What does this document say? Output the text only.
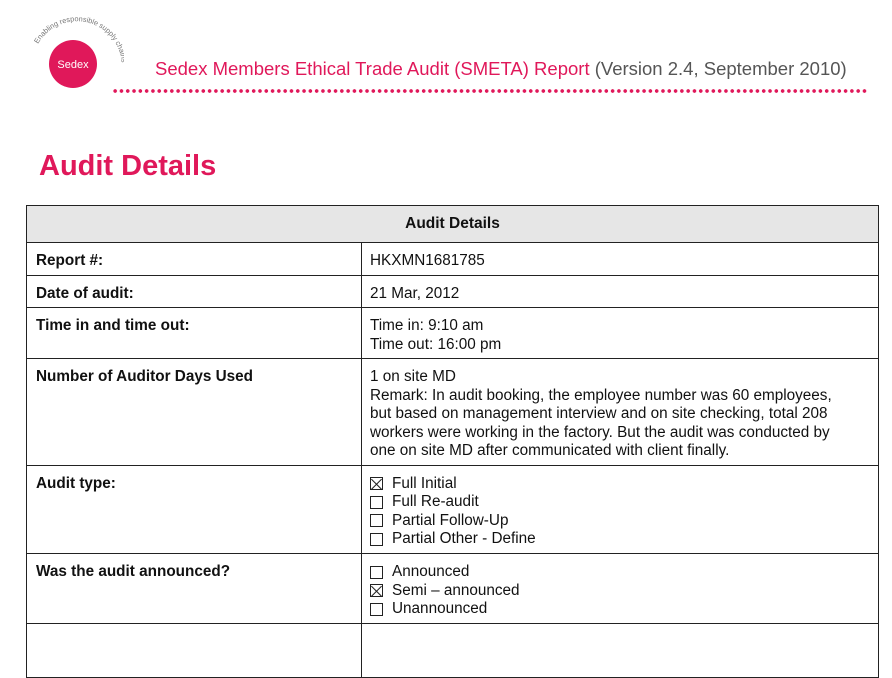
Sedex
Enabling responsible supply c
Sedex Members Ethical Trade Audit (SMETA) Report (Version 2.4, September 2010)
Audit Details
Audit Details	
Report #:	HKXMN1681785
Date of audit:	21 Mar, 2012
Time in and time out:	Time in: 9:10 am
Time out: 16:00 pm

Number of Auditor Days Used	1 on site MD
Remark: In audit booking, the employee number was 60 employees,
but based on management interview and on site checking, total 208
workers were working in the factory. But the audit was conducted by
one on site MD after communicated with client finally.

Audit type:	Full Initial
Full Re-audit
Partial Follow-Up
Partial Other - Define

Was the audit announced?	Announced
Semi – announced
Unannounced
